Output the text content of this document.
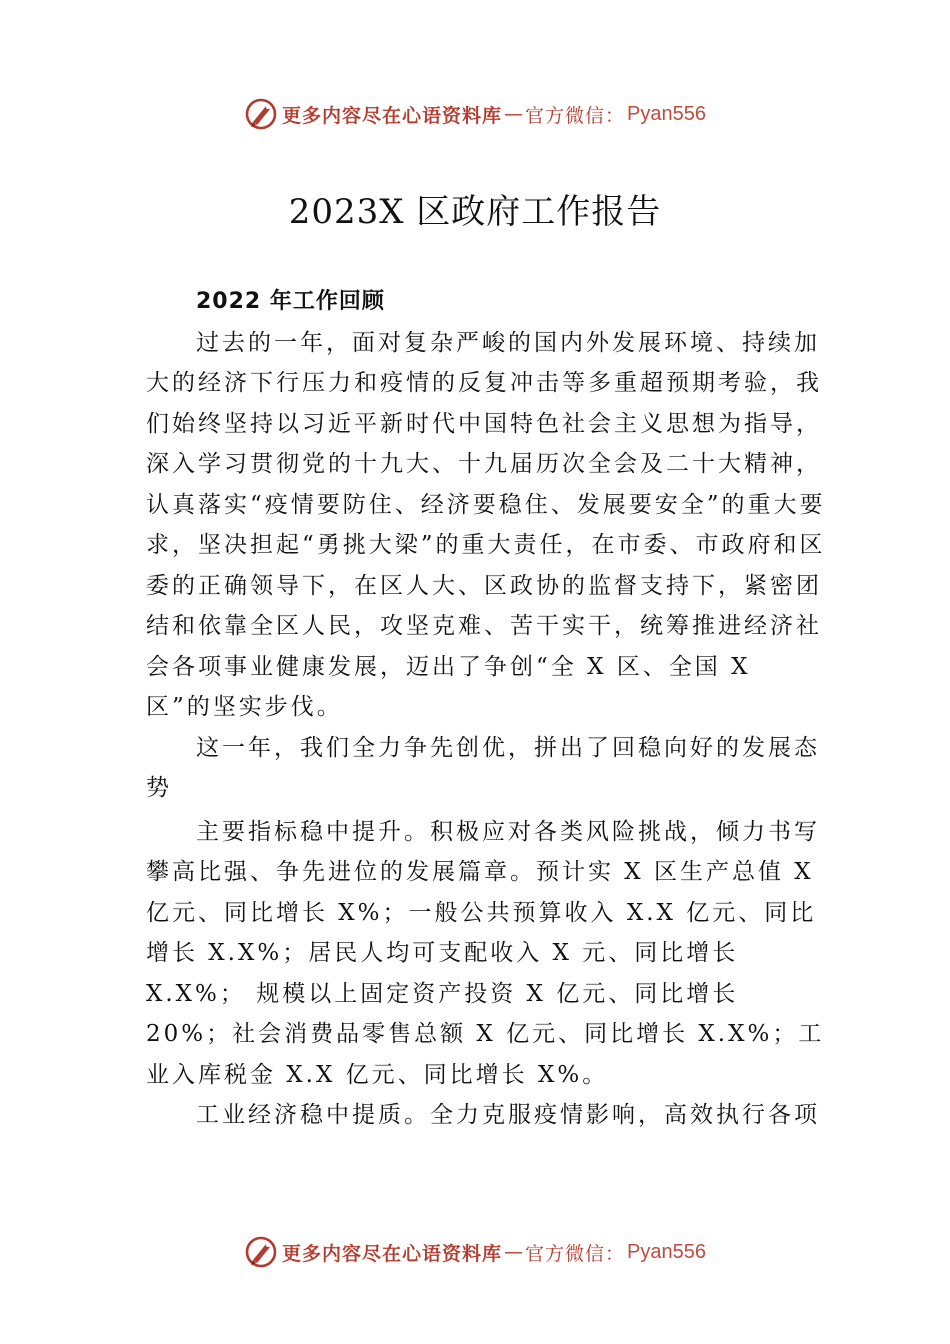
更多内容尽在心语资料库 — 官方微信： Pyan556
2023X 区政府工作报告

2022 年工作回顾

过去的一年，面对复杂严峻的国内外发展环境、持续加大的经济下行压力和疫情的反复冲击等多重超预期考验，我们始终坚持以习近平新时代中国特色社会主义思想为指导， 深入学习贯彻党的十九大、十九届历次全会及二十大精神， 认真落实“疫情要防住、经济要稳住、发展要安全”的重大要求，坚决担起“勇挑大梁”的重大责任，在市委、市政府和区委的正确领导下，在区人大、区政协的监督支持下，紧密团结和依靠全区人民，攻坚克难、苦干实干，统筹推进经济社会各项事业健康发展，迈出了争创“全 X 区、全国 X 区”的坚实步伐。

这一年，我们全力争先创优，拼出了回稳向好的发展态势

主要指标稳中提升。积极应对各类风险挑战，倾力书写攀高比强、争先进位的发展篇章。预计实 X 区生产总值 X 亿元、同比增长 X%；一般公共预算收入 X.X 亿元、同比增长 X.X%；居民人均可支配收入 X 元、同比增长 X.X%； 规模以上固定资产投资 X 亿元、同比增长 20%；社会消费品零售总额 X 亿元、同比增长 X.X%；工业入库税金 X.X 亿元、同比增长 X%。

工业经济稳中提质。全力克服疫情影响，高效执行各项

更多内容尽在心语资料库 — 官方微信： Pyan556
